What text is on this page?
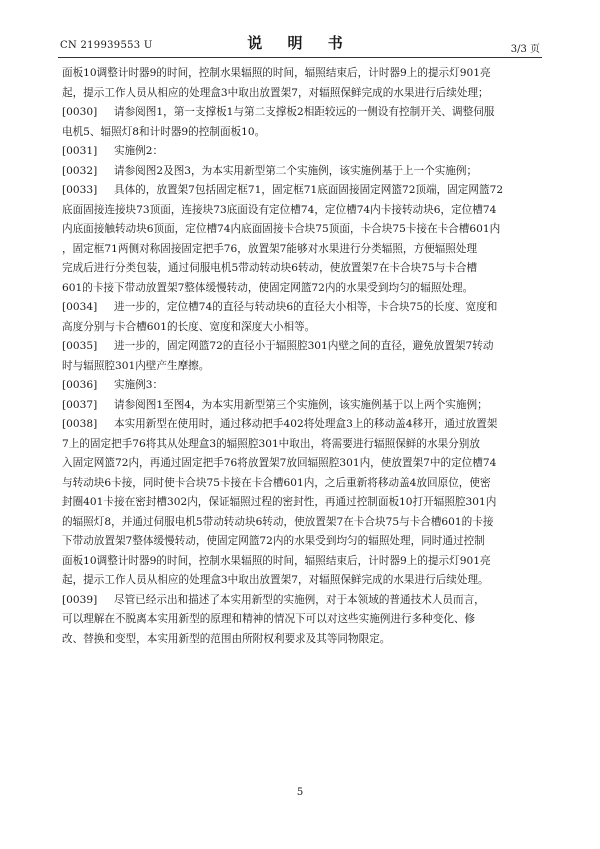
CN 219939553 U	说 明 书	3/3 页
面板10调整计时器9的时间，控制水果辐照的时间，辐照结束后，计时器9上的提示灯901亮
起，提示工作人员从相应的处理盒3中取出放置架7，对辐照保鲜完成的水果进行后续处理；
[0030] 请参阅图1，第一支撑板1与第二支撑板2相距较远的一侧设有控制开关、调整伺服
电机5、辐照灯8和计时器9的控制面板10。
[0031] 实施例2：
[0032] 请参阅图2及图3，为本实用新型第二个实施例，该实施例基于上一个实施例；
[0033] 具体的，放置架7包括固定框71，固定框71底面固接固定网篮72顶端，固定网篮72
底面固接连接块73顶面，连接块73底面设有定位槽74，定位槽74内卡接转动块6，定位槽74
内底面接触转动块6顶面，定位槽74内底面固接卡合块75顶面，卡合块75卡接在卡合槽601内
，固定框71两侧对称固接固定把手76，放置架7能够对水果进行分类辐照，方便辐照处理
完成后进行分类包装，通过伺服电机5带动转动块6转动，使放置架7在卡合块75与卡合槽
601的卡接下带动放置架7整体缓慢转动，使固定网篮72内的水果受到均匀的辐照处理。
[0034] 进一步的，定位槽74的直径与转动块6的直径大小相等，卡合块75的长度、宽度和
高度分别与卡合槽601的长度、宽度和深度大小相等。
[0035] 进一步的，固定网篮72的直径小于辐照腔301内壁之间的直径，避免放置架7转动
时与辐照腔301内壁产生摩擦。
[0036] 实施例3：
[0037] 请参阅图1至图4，为本实用新型第三个实施例，该实施例基于以上两个实施例；
[0038] 本实用新型在使用时，通过移动把手402将处理盒3上的移动盖4移开，通过放置架
7上的固定把手76将其从处理盒3的辐照腔301中取出，将需要进行辐照保鲜的水果分别放
入固定网篮72内，再通过固定把手76将放置架7放回辐照腔301内，使放置架7中的定位槽74
与转动块6卡接，同时使卡合块75卡接在卡合槽601内，之后重新将移动盖4放回原位，使密
封圈401卡接在密封槽302内，保证辐照过程的密封性，再通过控制面板10打开辐照腔301内
的辐照灯8，并通过伺服电机5带动转动块6转动，使放置架7在卡合块75与卡合槽601的卡接
下带动放置架7整体缓慢转动，使固定网篮72内的水果受到均匀的辐照处理，同时通过控制
面板10调整计时器9的时间，控制水果辐照的时间，辐照结束后，计时器9上的提示灯901亮
起，提示工作人员从相应的处理盒3中取出放置架7，对辐照保鲜完成的水果进行后续处理。
[0039] 尽管已经示出和描述了本实用新型的实施例，对于本领域的普通技术人员而言，
可以理解在不脱离本实用新型的原理和精神的情况下可以对这些实施例进行多种变化、修
改、替换和变型，本实用新型的范围由所附权利要求及其等同物限定。
5
